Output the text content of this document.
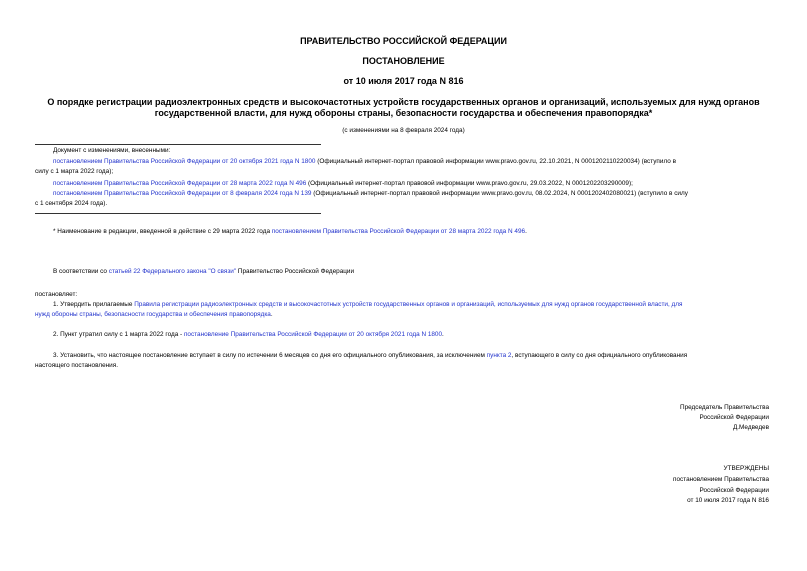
ПРАВИТЕЛЬСТВО РОССИЙСКОЙ ФЕДЕРАЦИИ
ПОСТАНОВЛЕНИЕ
от 10 июля 2017 года N 816
О порядке регистрации радиоэлектронных средств и высокочастотных устройств государственных органов и организаций, используемых для нужд органов
государственной власти, для нужд обороны страны, безопасности государства и обеспечения правопорядка*
(с изменениями на 8 февраля 2024 года)
Документ с изменениями, внесенными:
постановлением Правительства Российской Федерации от 20 октября 2021 года N 1800 (Официальный интернет-портал правовой информации www.pravo.gov.ru, 22.10.2021, N 0001202110220034) (вступило в
силу с 1 марта 2022 года);
постановлением Правительства Российской Федерации от 28 марта 2022 года N 496 (Официальный интернет-портал правовой информации www.pravo.gov.ru, 29.03.2022, N 0001202203290009);
постановлением Правительства Российской Федерации от 8 февраля 2024 года N 139 (Официальный интернет-портал правовой информации www.pravo.gov.ru, 08.02.2024, N 0001202402080021) (вступило в силу
с 1 сентября 2024 года).
* Наименование в редакции, введенной в действие с 29 марта 2022 года постановлением Правительства Российской Федерации от 28 марта 2022 года N 496.
В соответствии со статьей 22 Федерального закона "О связи" Правительство Российской Федерации
постановляет:
1. Утвердить прилагаемые Правила регистрации радиоэлектронных средств и высокочастотных устройств государственных органов и организаций, используемых для нужд органов государственной власти, для
нужд обороны страны, безопасности государства и обеспечения правопорядка.
2. Пункт утратил силу с 1 марта 2022 года - постановление Правительства Российской Федерации от 20 октября 2021 года N 1800.
3. Установить, что настоящее постановление вступает в силу по истечении 6 месяцев со дня его официального опубликования, за исключением пункта 2, вступающего в силу со дня официального опубликования
настоящего постановления.
Председатель Правительства
Российской Федерации
Д.Медведев
УТВЕРЖДЕНЫ
постановлением Правительства
Российской Федерации
от 10 июля 2017 года N 816
